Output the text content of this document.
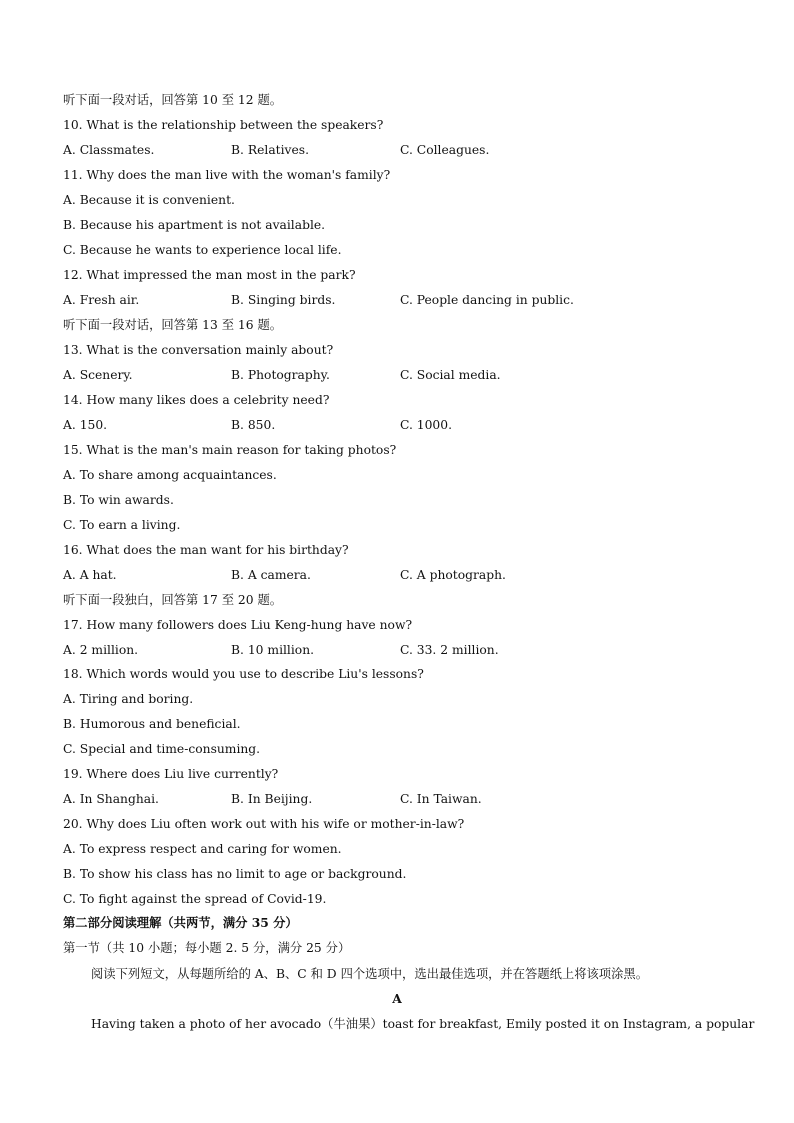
听下面一段对话，回答第 10 至 12 题。
10. What is the relationship between the speakers?
A. Classmates.	B. Relatives.	C. Colleagues.
11. Why does the man live with the woman's family?
A. Because it is convenient.
B. Because his apartment is not available.
C. Because he wants to experience local life.
12. What impressed the man most in the park?
A. Fresh air.	B. Singing birds.	C. People dancing in public.
听下面一段对话，回答第 13 至 16 题。
13. What is the conversation mainly about?
A. Scenery.	B. Photography.	C. Social media.
14. How many likes does a celebrity need?
A. 150.	B. 850.	C. 1000.
15. What is the man's main reason for taking photos?
A. To share among acquaintances.
B. To win awards.
C. To earn a living.
16. What does the man want for his birthday?
A. A hat.	B. A camera.	C. A photograph.
听下面一段独白，回答第 17 至 20 题。
17. How many followers does Liu Keng-hung have now?
A. 2 million.	B. 10 million.	C. 33. 2 million.
18. Which words would you use to describe Liu's lessons?
A. Tiring and boring.
B. Humorous and beneficial.
C. Special and time-consuming.
19. Where does Liu live currently?
A. In Shanghai.	B. In Beijing.	C. In Taiwan.
20. Why does Liu often work out with his wife or mother-in-law?
A. To express respect and caring for women.
B. To show his class has no limit to age or background.
C. To fight against the spread of Covid-19.
第二部分阅读理解（共两节，满分 35 分）
第一节（共 10 小题；每小题 2. 5 分，满分 25 分）
阅读下列短文，从每题所给的 A、B、C 和 D 四个选项中，选出最佳选项，并在答题纸上将该项涂黑。
A
Having taken a photo of her avocado（牛油果）toast for breakfast, Emily posted it on Instagram, a popular
